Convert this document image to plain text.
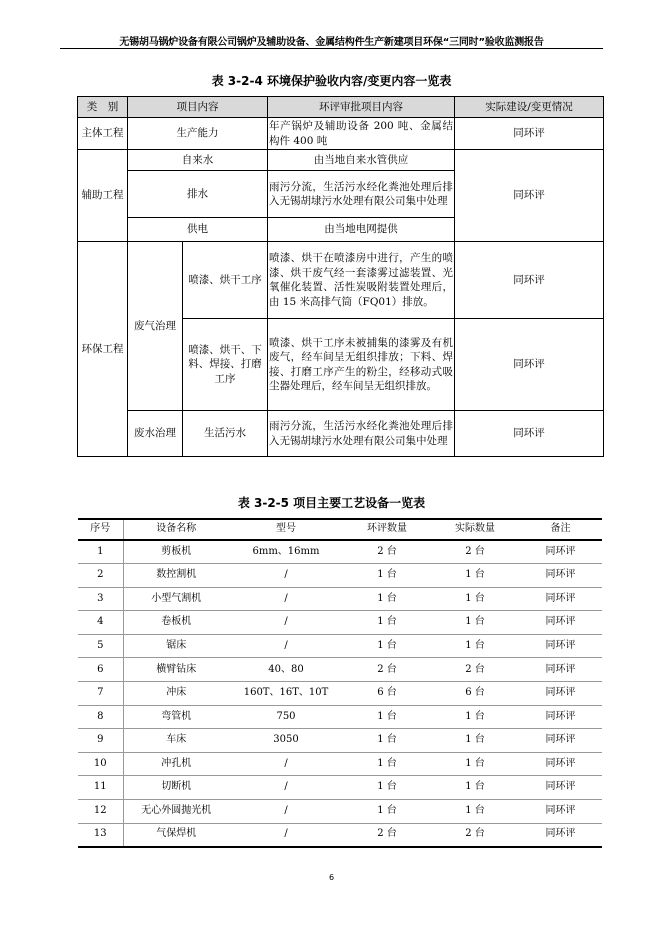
无锡胡马锅炉设备有限公司锅炉及辅助设备、金属结构件生产新建项目环保“三同时”验收监测报告
表 3-2-4 环境保护验收内容/变更内容一览表
类　别	项目内容		环评审批项目内容	实际建设/变更情况
主体工程	生产能力		年产锅炉及辅助设备 200 吨、金属结构件 400 吨	同环评
辅助工程	自来水		由当地自来水管供应	同环评
	排水		雨污分流，生活污水经化粪池处理后排入无锡胡埭污水处理有限公司集中处理	
	供电		由当地电网提供	
环保工程	废气治理	喷漆、烘干工序	喷漆、烘干在喷漆房中进行，产生的喷漆、烘干废气经一套漆雾过滤装置、光氧催化装置、活性炭吸附装置处理后，由 15 米高排气筒（FQ01）排放。	同环评
		喷漆、烘干、下料、焊接、打磨工序	喷漆、烘干工序未被捕集的漆雾及有机废气，经车间呈无组织排放；下料、焊接、打磨工序产生的粉尘，经移动式吸尘器处理后，经车间呈无组织排放。	同环评
	废水治理	生活污水	雨污分流，生活污水经化粪池处理后排入无锡胡埭污水处理有限公司集中处理	同环评
表 3-2-5 项目主要工艺设备一览表
序号	设备名称	型号	环评数量	实际数量	备注
1	剪板机	6mm、16mm	2 台	2 台	同环评
2	数控割机	/	1 台	1 台	同环评
3	小型气割机	/	1 台	1 台	同环评
4	卷板机	/	1 台	1 台	同环评
5	锯床	/	1 台	1 台	同环评
6	横臂钻床	40、80	2 台	2 台	同环评
7	冲床	160T、16T、10T	6 台	6 台	同环评
8	弯管机	750	1 台	1 台	同环评
9	车床	3050	1 台	1 台	同环评
10	冲孔机	/	1 台	1 台	同环评
11	切断机	/	1 台	1 台	同环评
12	无心外圆抛光机	/	1 台	1 台	同环评
13	气保焊机	/	2 台	2 台	同环评
6
